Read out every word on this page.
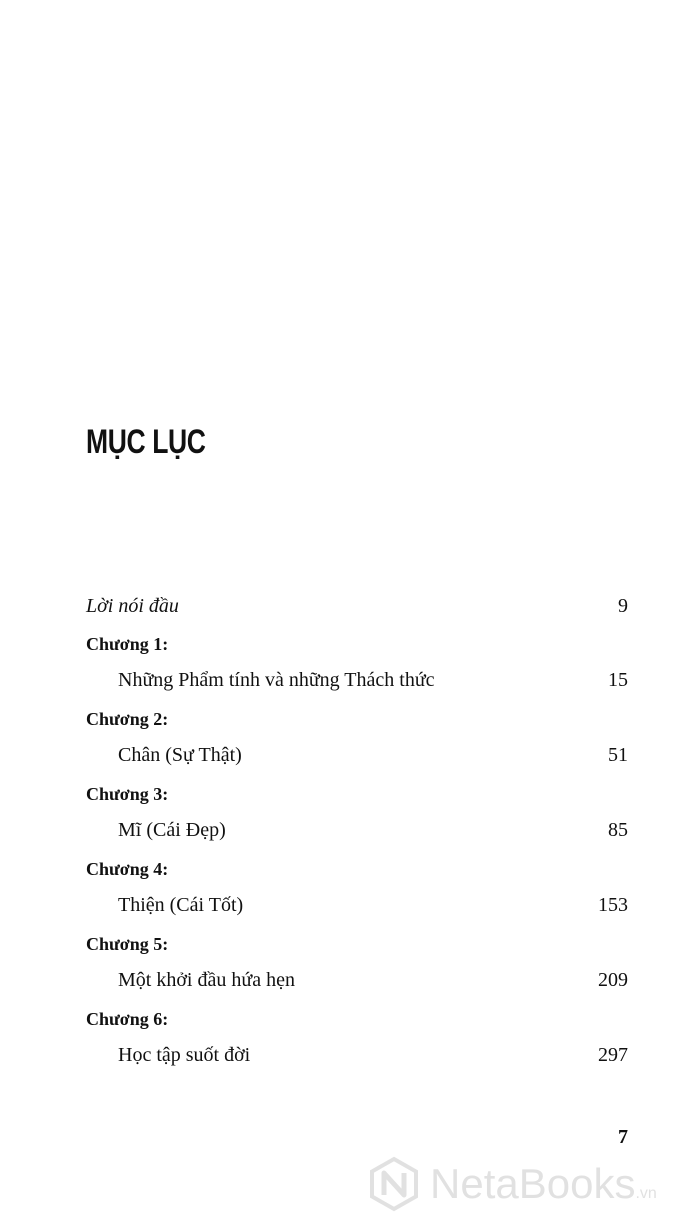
MỤC LỤC
Lời nói đầu	9
Chương 1:
Những Phẩm tính và những Thách thức	15
Chương 2:
Chân (Sự Thật)	51
Chương 3:
Mĩ (Cái Đẹp)	85
Chương 4:
Thiện (Cái Tốt)	153
Chương 5:
Một khởi đầu hứa hẹn	209
Chương 6:
Học tập suốt đời	297
7
NetaBooks.vn
